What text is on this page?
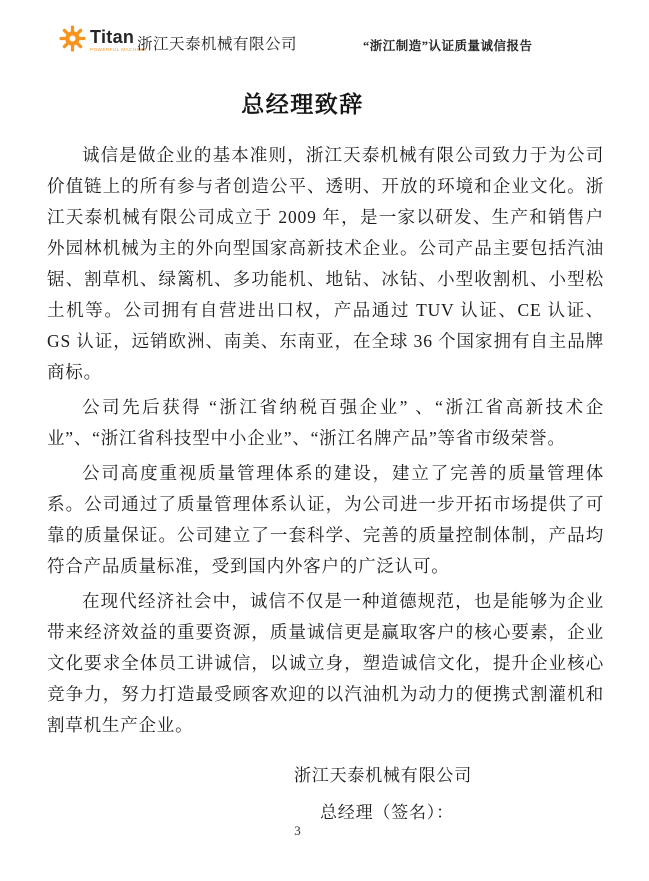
Titan
POWERFUL MACHINE
浙江天泰机械有限公司	“浙江制造”认证质量诚信报告
总经理致辞

诚信是做企业的基本准则，浙江天泰机械有限公司致力于为公司价值链上的所有参与者创造公平、透明、开放的环境和企业文化。浙江天泰机械有限公司成立于 2009 年，是一家以研发、生产和销售户外园林机械为主的外向型国家高新技术企业。公司产品主要包括汽油锯、割草机、绿篱机、多功能机、地钻、冰钻、小型收割机、小型松土机等。公司拥有自营进出口权，产品通过 TUV 认证、CE 认证、GS 认证，远销欧洲、南美、东南亚，在全球 36 个国家拥有自主品牌商标。

公司先后获得 “浙江省纳税百强企业” 、“浙江省高新技术企业”、“浙江省科技型中小企业”、“浙江名牌产品”等省市级荣誉。

公司高度重视质量管理体系的建设，建立了完善的质量管理体系。公司通过了质量管理体系认证，为公司进一步开拓市场提供了可靠的质量保证。公司建立了一套科学、完善的质量控制体制，产品均符合产品质量标准，受到国内外客户的广泛认可。

在现代经济社会中，诚信不仅是一种道德规范，也是能够为企业带来经济效益的重要资源，质量诚信更是赢取客户的核心要素，企业文化要求全体员工讲诚信，以诚立身，塑造诚信文化，提升企业核心竞争力，努力打造最受顾客欢迎的以汽油机为动力的便携式割灌机和割草机生产企业。

浙江天泰机械有限公司
总经理（签名）：
3
